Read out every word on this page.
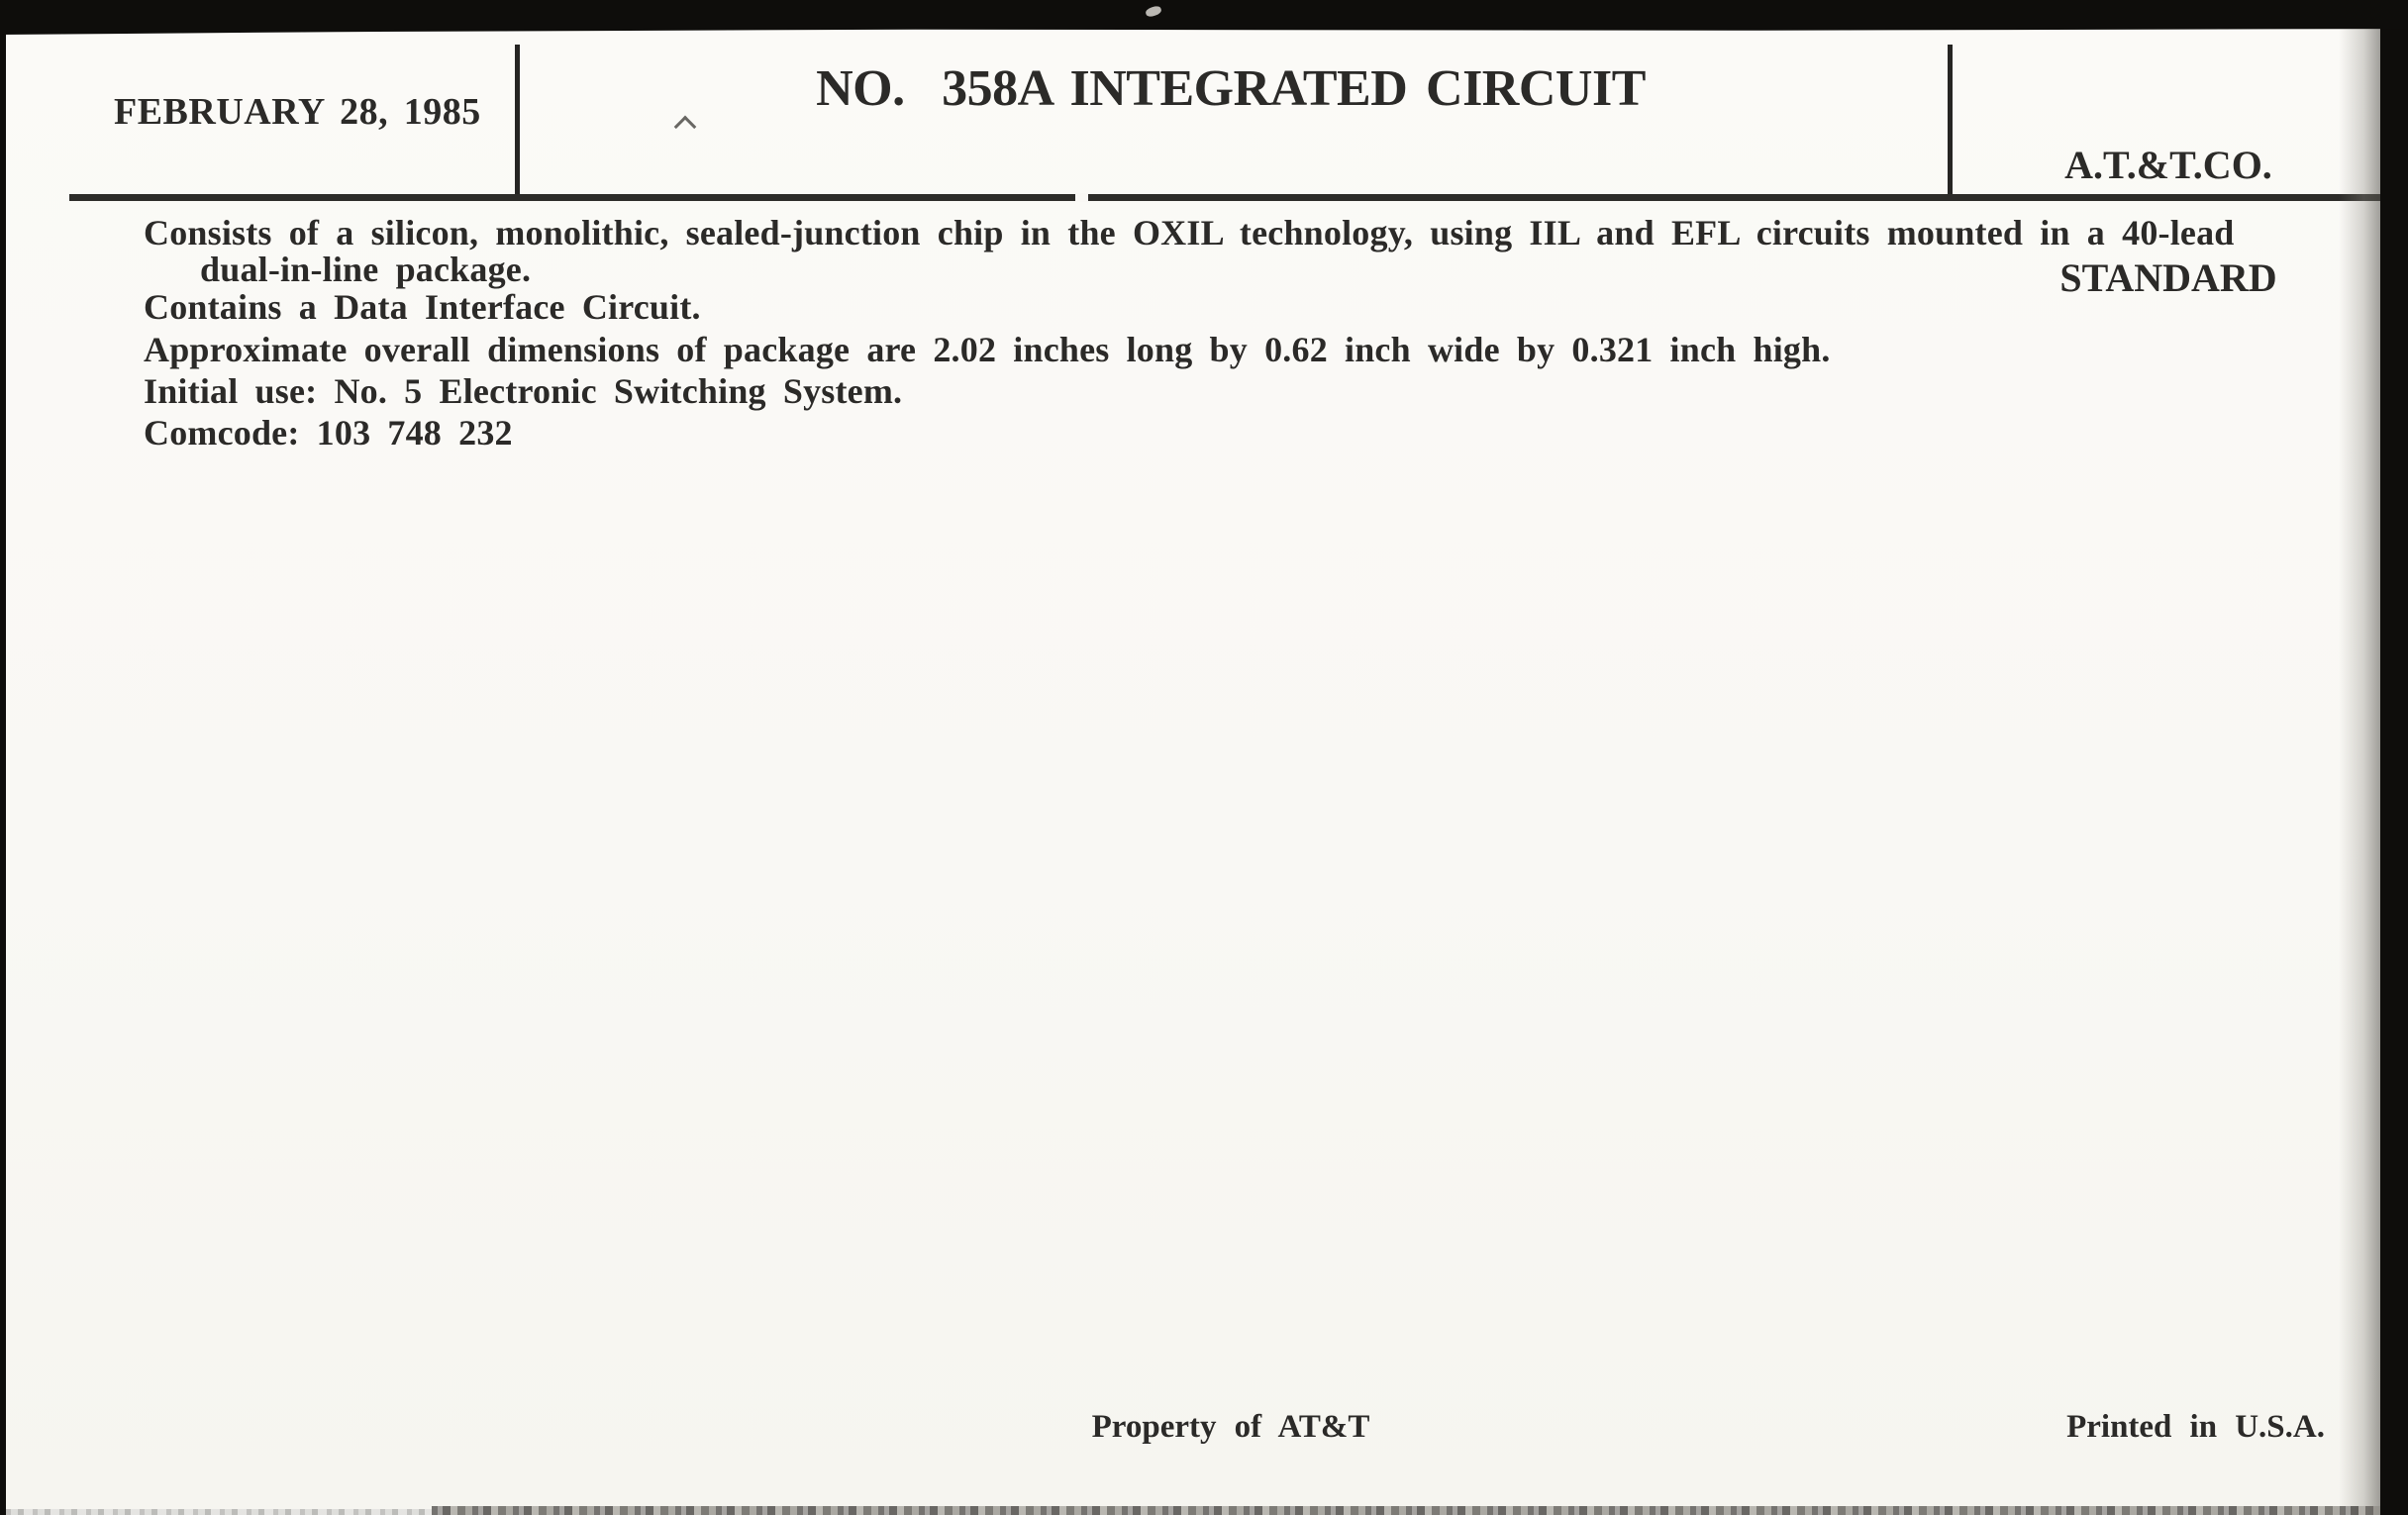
FEBRUARY 28, 1985	NO.  358A INTEGRATED CIRCUIT

A.T.&T.CO.

STANDARD

Consists of a silicon, monolithic, sealed-junction chip in the OXIL technology, using IIL and EFL circuits mounted in a 40-lead
dual-in-line package.
Contains a Data Interface Circuit.
Approximate overall dimensions of package are 2.02 inches long by 0.62 inch wide by 0.321 inch high.
Initial use: No. 5 Electronic Switching System.
Comcode: 103 748 232
Property of AT&T	Printed in U.S.A.
